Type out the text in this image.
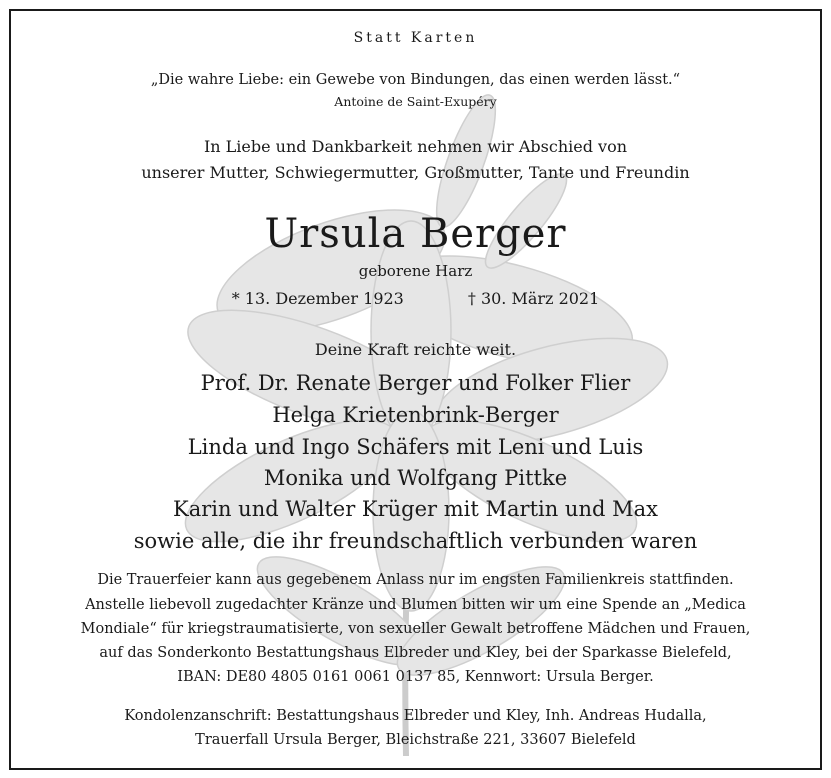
Statt Karten
„Die wahre Liebe: ein Gewebe von Bindungen, das einen werden lässt.“
Antoine de Saint-Exupéry
In Liebe und Dankbarkeit nehmen wir Abschied von
unserer Mutter, Schwiegermutter, Großmutter, Tante und Freundin
Ursula Berger
geborene Harz
* 13. Dezember 1923	† 30. März 2021
Deine Kraft reichte weit.
Prof. Dr. Renate Berger und Folker Flier
Helga Krietenbrink-Berger
Linda und Ingo Schäfers mit Leni und Luis
Monika und Wolfgang Pittke
Karin und Walter Krüger mit Martin und Max
sowie alle, die ihr freundschaftlich verbunden waren
Die Trauerfeier kann aus gegebenem Anlass nur im engsten Familienkreis stattfinden.
Anstelle liebevoll zugedachter Kränze und Blumen bitten wir um eine Spende an „Medica
Mondiale“ für kriegstraumatisierte, von sexueller Gewalt betroffene Mädchen und Frauen,
auf das Sonderkonto Bestattungshaus Elbreder und Kley, bei der Sparkasse Bielefeld,
IBAN: DE80 4805 0161 0061 0137 85, Kennwort: Ursula Berger.
Kondolenzanschrift: Bestattungshaus Elbreder und Kley, Inh. Andreas Hudalla,
Trauerfall Ursula Berger, Bleichstraße 221, 33607 Bielefeld
